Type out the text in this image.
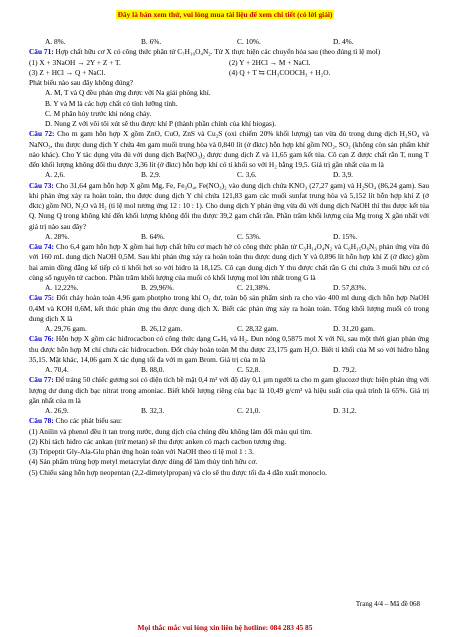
Đây là bản xem thử, vui lòng mua tài liệu để xem chi tiết (có lời giải)
A. 8%.	B. 6%.	C. 10%.	D. 4%.

Câu 71: Hợp chất hữu cơ X có công thức phân tử C₇H₁₀O₄N₂. Từ X thực hiện các chuyển hóa sau (theo đúng tỉ lệ mol)

(1) X + 3NaOH → 2Y + Z + T.	(2) Y + 2HCl → M + NaCl.
(3) Z + HCl → Q + NaCl.	(4) Q + T ⇆ CH₃COOCH₃ + H₂O.

Phát biểu nào sau đây không đúng?

A. M, T và Q đều phản ứng được với Na giải phóng khí.

B. Y và M là các hợp chất có tính lưỡng tính.

C. M phân hủy trước khi nóng chảy.

D. Nung Z với vôi tôi xút sẽ thu được khí P (thành phần chính của khí biogas).

Câu 72: Cho m gam hỗn hợp X gồm ZnO, CuO, ZnS và Cu₂S (oxi chiếm 20% khối lượng) tan vừa đủ trong dung dịch H₂SO₄ và NaNO₃, thu được dung dịch Y chứa 4m gam muối trung hòa và 0,840 lít (ở đktc) hỗn hợp khí gồm NO₂, SO₂ (không còn sản phẩm khử nào khác). Cho Y tác dụng vừa đủ với dung dịch Ba(NO₃)₂ được dung dịch Z và 11,65 gam kết tủa. Cô cạn Z được chất rắn T, nung T đến khối lượng không đổi thu được 3,36 lít (ở đktc) hỗn hợp khí có tỉ khối so với H₂ bằng 19,5. Giá trị gần nhất của m là

A. 2,6.	B. 2,9.	C. 3,6.	D. 3,9.

Câu 73: Cho 31,64 gam hỗn hợp X gồm Mg, Fe, Fe₃O₄, Fe(NO₃)₂ vào dung dịch chứa KNO₃ (27,27 gam) và H₂SO₄ (86,24 gam). Sau khi phản ứng xảy ra hoàn toàn, thu được dung dịch Y chỉ chứa 121,83 gam các muối sunfat trung hòa và 5,152 lít hỗn hợp khí Z (ở đktc) gồm NO, N₂O và H₂ (tỉ lệ mol tương ứng 12 : 10 : 1). Cho dung dịch Y phản ứng vừa đủ với dung dịch NaOH thì thu được kết tủa Q. Nung Q trong không khí đến khối lượng không đổi thu được 39,2 gam chất rắn. Phần trăm khối lượng của Mg trong X gần nhất với giá trị nào sau đây?

A. 28%.	B. 64%.	C. 53%.	D. 15%.

Câu 74: Cho 6,4 gam hỗn hợp X gồm hai hợp chất hữu cơ mạch hở có công thức phân tử C₃H₁₄O₄N₂ và C₆H₁₅O₆N₃ phản ứng vừa đủ với 160 mL dung dịch NaOH 0,5M. Sau khi phản ứng xảy ra hoàn toàn thu được dung dịch Y và 0,896 lít hỗn hợp khí Z (ở đktc) gồm hai amin đồng đẳng kế tiếp có tỉ khối hơi so với hiđro là 18,125. Cô cạn dung dịch Y thu được chất rắn G chỉ chứa 3 muối hữu cơ có cùng số nguyên tử cacbon. Phần trăm khối lượng của muối có khối lượng mol lớn nhất trong G là

A. 12,22%.	B. 29,96%.	C. 21,38%.	D. 57,83%.

Câu 75: Đốt cháy hoàn toàn 4,96 gam photpho trong khí O₂ dư, toàn bộ sản phẩm sinh ra cho vào 400 ml dung dịch hỗn hợp NaOH 0,4M và KOH 0,6M, kết thúc phản ứng thu được dung dịch X. Biết các phản ứng xảy ra hoàn toàn. Tổng khối lượng muối có trong dung dịch X là

A. 29,76 gam.	B. 26,12 gam.	C. 28,32 gam.	D. 31,20 gam.

Câu 76: Hỗn hợp X gồm các hiđrocacbon có công thức dạng CₙHᵧ và H₂. Đun nóng 0,5875 mol X với Ni, sau một thời gian phản ứng thu được hỗn hợp M chỉ chứa các hiđrocacbon. Đốt cháy hoàn toàn M thu được 23,175 gam H₂O. Biết tỉ khối của M so với hiđro bằng 35,15. Mặt khác, 14,06 gam X tác dụng tối đa với m gam Brom. Giá trị của m là

A. 70,4.	B. 88,0.	C. 52,8.	D. 79,2.

Câu 77: Để tráng 50 chiếc gương soi có diện tích bề mặt 0,4 m² với độ dày 0,1 μm người ta cho m gam glucozơ thực hiện phản ứng với lượng dư dung dịch bạc nitrat trong amoniac. Biết khối lượng riêng của bạc là 10,49 g/cm³ và hiệu suất của quá trình là 65%. Giá trị gần nhất của m là

A. 26,9.	B. 32,3.	C. 21,0.	D. 31,2.

Câu 78: Cho các phát biểu sau:

(1) Anilin và phenol đều ít tan trong nước, dung dịch của chúng đều không làm đổi màu quì tím.

(2) Khi tách hiđro các ankan (trừ metan) sẽ thu được anken có mạch cacbon tương ứng.

(3) Tripeptit Gly-Ala-Glu phản ứng hoàn toàn với NaOH theo tỉ lệ mol 1 : 3.

(4) Sản phẩm trùng hợp metyl metacrylat được dùng để làm thủy tinh hữu cơ.

(5) Chiếu sáng hỗn hợp neopentan (2,2-dimetylpropan) và clo sẽ thu được tối đa 4 dẫn xuất monoclo.

Trang 4/4 – Mã đề 068
Mọi thắc mắc vui lòng xin liên hệ hotline: 084 283 45 85
